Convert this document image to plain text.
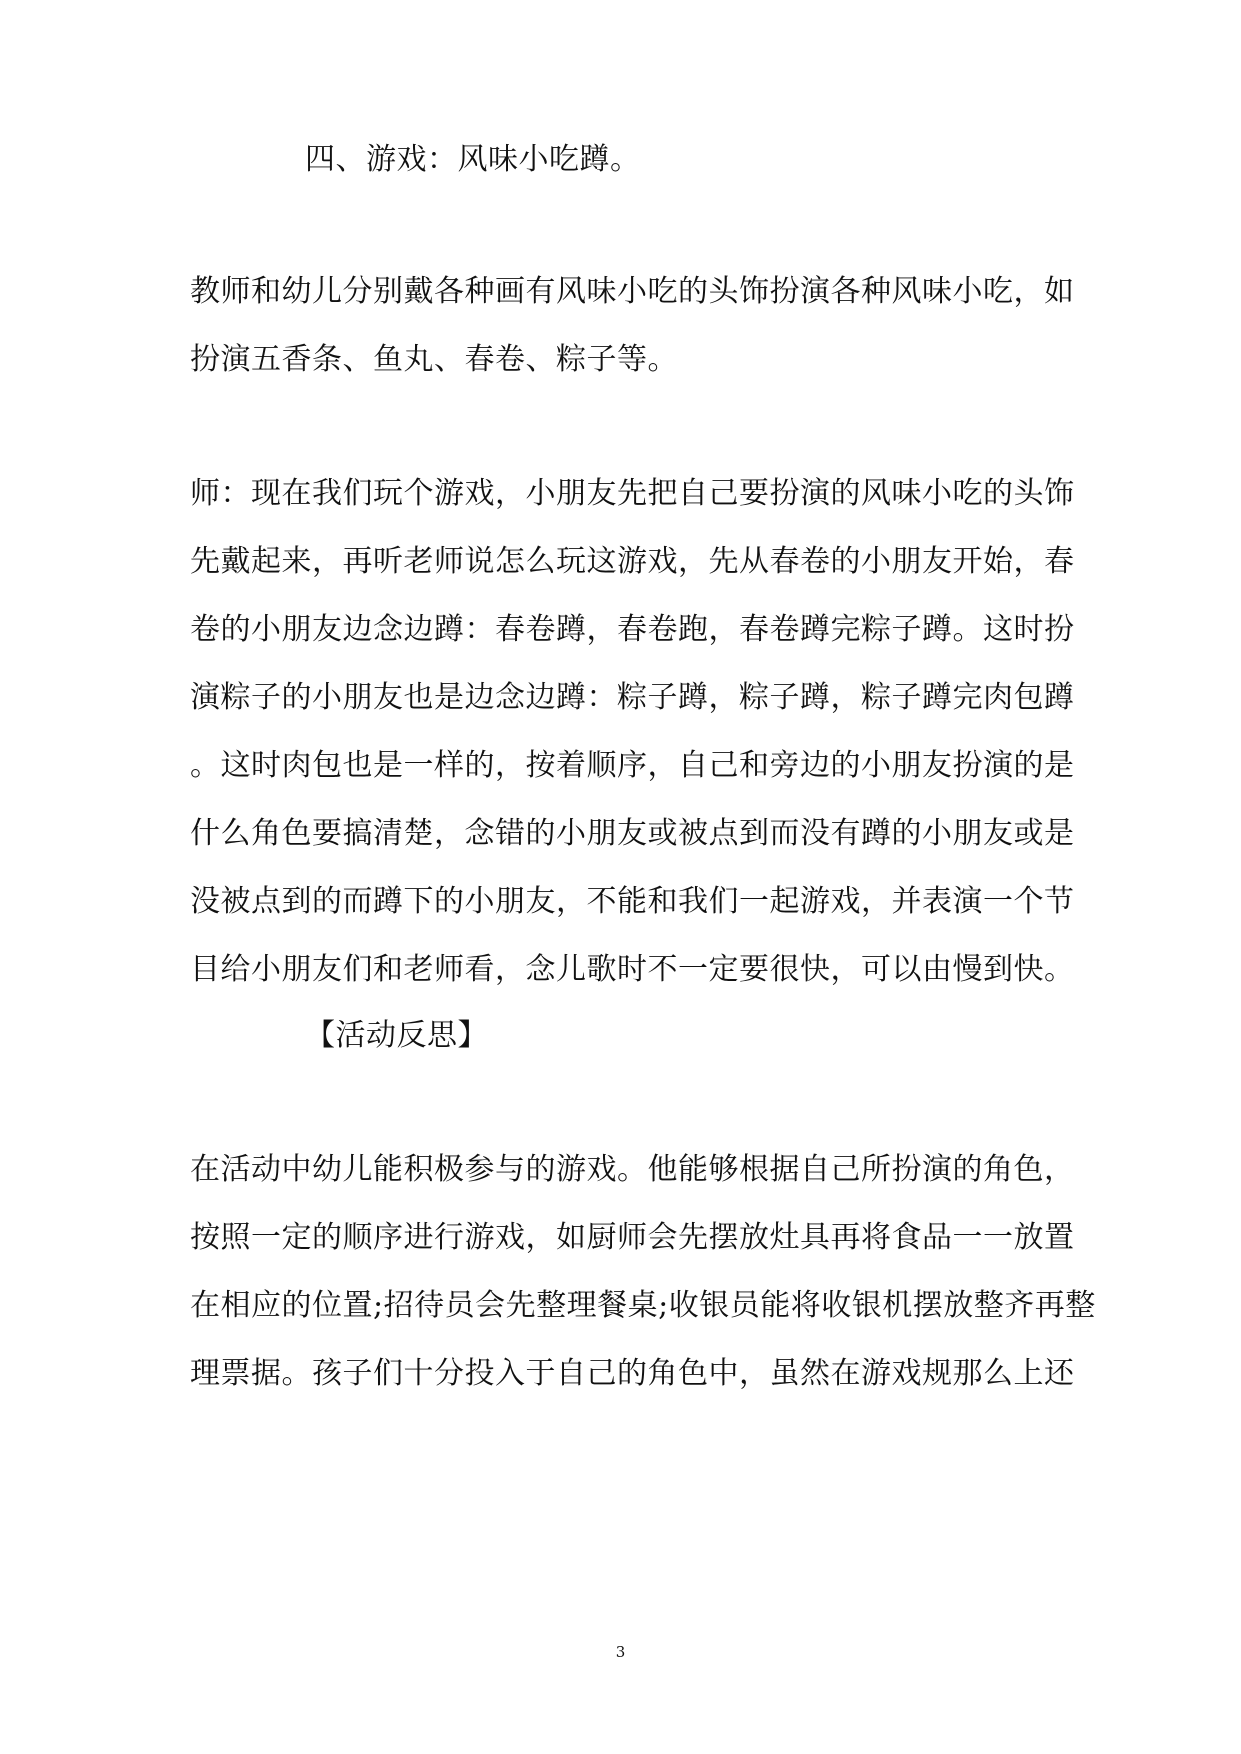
四、游戏：风味小吃蹲。
教师和幼儿分别戴各种画有风味小吃的头饰扮演各种风味小吃，如
扮演五香条、鱼丸、春卷、粽子等。
师：现在我们玩个游戏，小朋友先把自己要扮演的风味小吃的头饰
先戴起来，再听老师说怎么玩这游戏，先从春卷的小朋友开始，春
卷的小朋友边念边蹲：春卷蹲，春卷跑，春卷蹲完粽子蹲。这时扮
演粽子的小朋友也是边念边蹲：粽子蹲，粽子蹲，粽子蹲完肉包蹲
。这时肉包也是一样的，按着顺序，自己和旁边的小朋友扮演的是
什么角色要搞清楚，念错的小朋友或被点到而没有蹲的小朋友或是
没被点到的而蹲下的小朋友，不能和我们一起游戏，并表演一个节
目给小朋友们和老师看，念儿歌时不一定要很快，可以由慢到快。
【活动反思】
在活动中幼儿能积极参与的游戏。他能够根据自己所扮演的角色，
按照一定的顺序进行游戏，如厨师会先摆放灶具再将食品一一放置
在相应的位置;招待员会先整理餐桌;收银员能将收银机摆放整齐再整
理票据。孩子们十分投入于自己的角色中，虽然在游戏规那么上还
3
